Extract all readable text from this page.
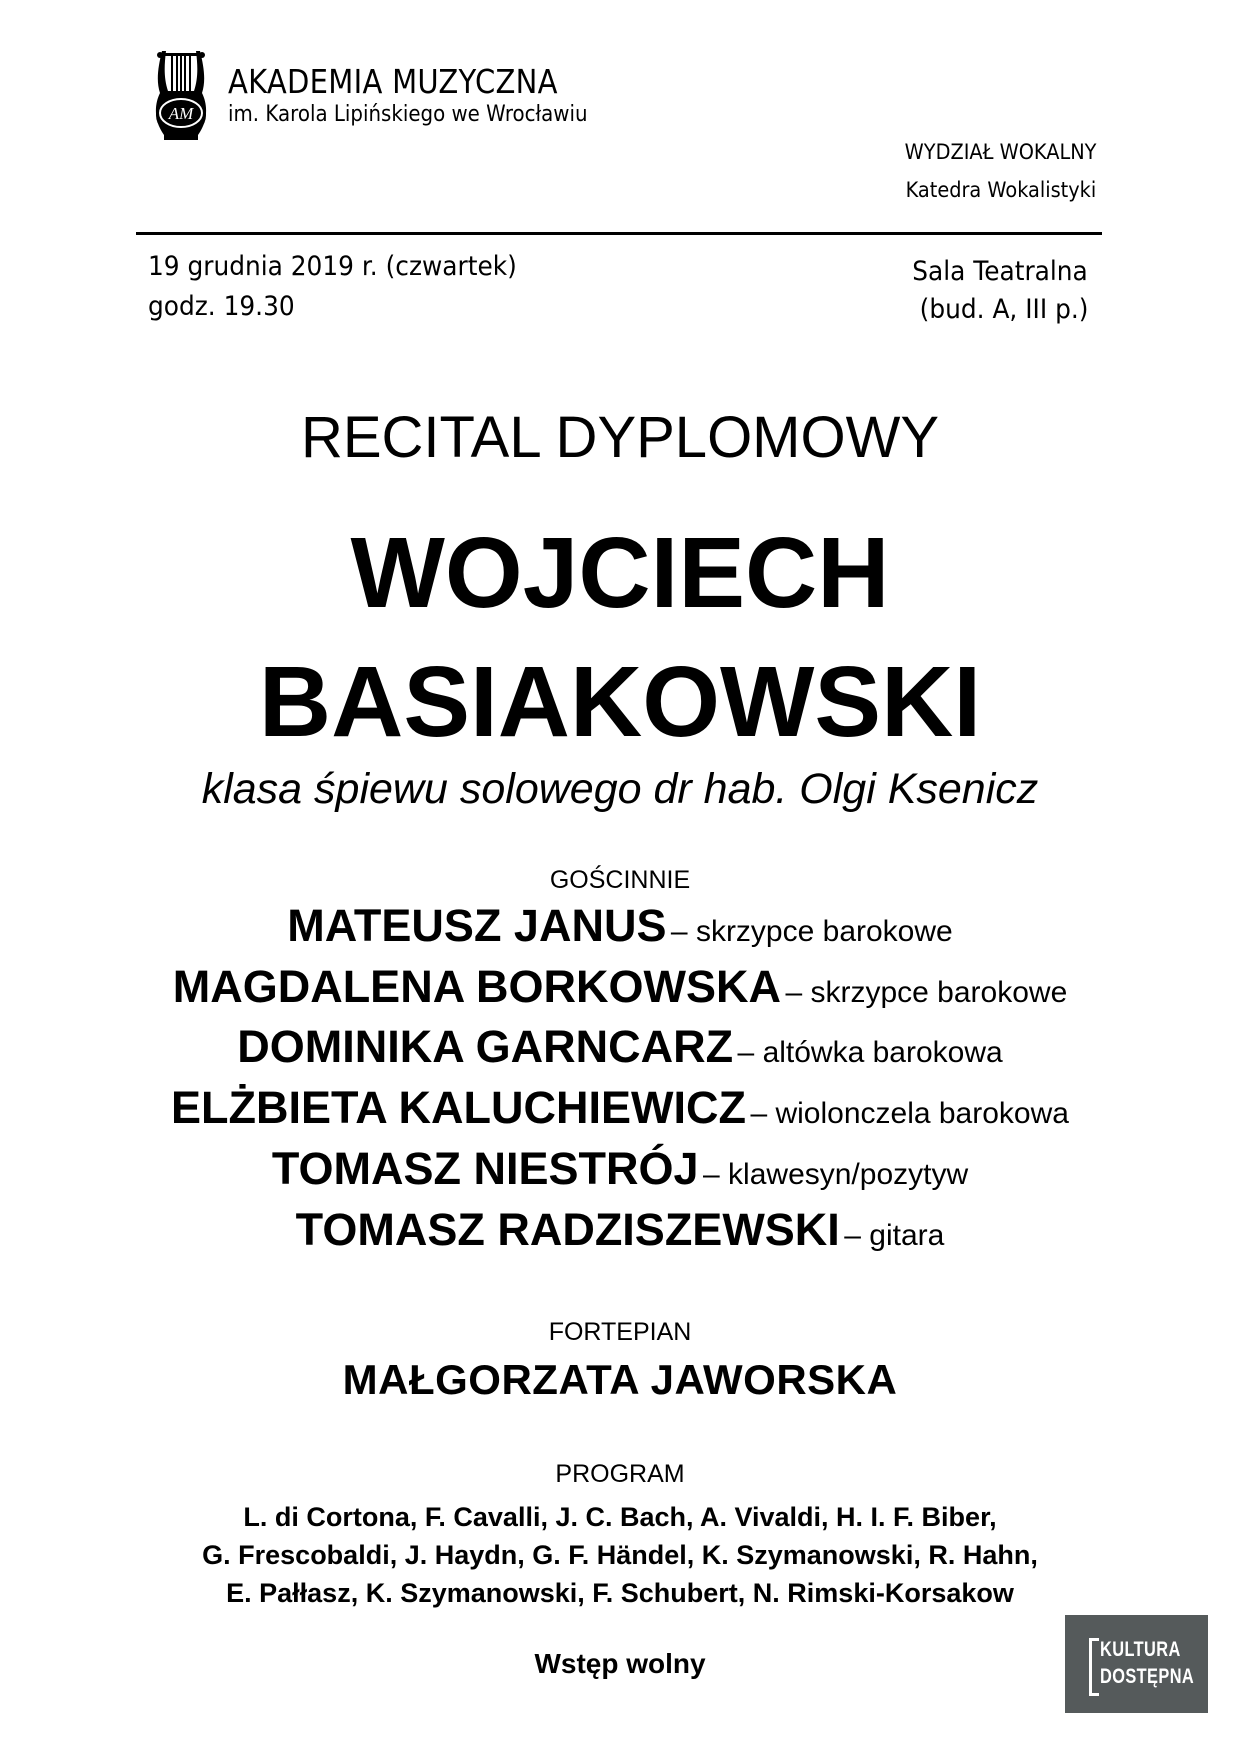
AM
AKADEMIA MUZYCZNA
im. Karola Lipińskiego we Wrocławiu
WYDZIAŁ WOKALNY
Katedra Wokalistyki
19 grudnia 2019 r. (czwartek)
godz. 19.30
Sala Teatralna
(bud. A, III p.)
RECITAL DYPLOMOWY
WOJCIECH
BASIAKOWSKI
klasa śpiewu solowego dr hab. Olgi Ksenicz
GOŚCINNIE
MATEUSZ JANUS – skrzypce barokowe
MAGDALENA BORKOWSKA – skrzypce barokowe
DOMINIKA GARNCARZ – altówka barokowa
ELŻBIETA KALUCHIEWICZ – wiolonczela barokowa
TOMASZ NIESTRÓJ – klawesyn/pozytyw
TOMASZ RADZISZEWSKI – gitara
FORTEPIAN
MAŁGORZATA JAWORSKA
PROGRAM
L. di Cortona, F. Cavalli, J. C. Bach, A. Vivaldi, H. I. F. Biber,
G. Frescobaldi, J. Haydn, G. F. Händel, K. Szymanowski, R. Hahn,
E. Pałłasz, K. Szymanowski, F. Schubert, N. Rimski-Korsakow
Wstęp wolny	KULTURA
DOSTĘPNA
